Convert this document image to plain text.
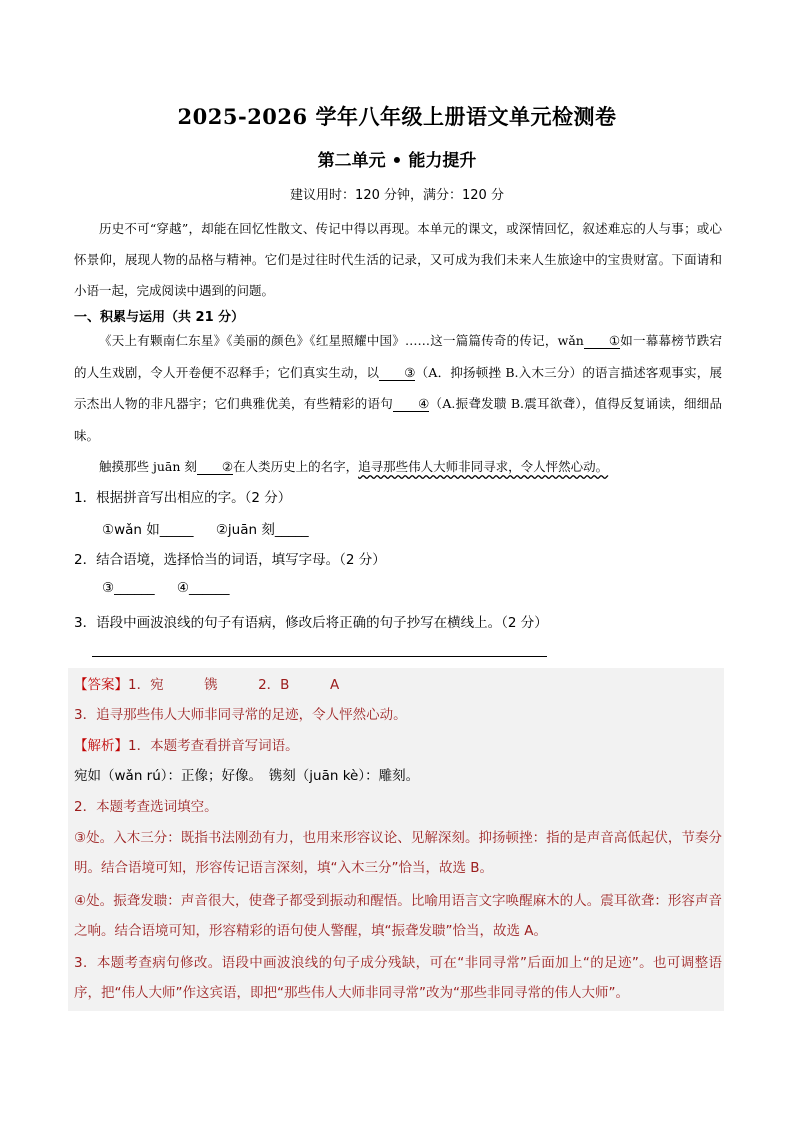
2025-2026 学年八年级上册语文单元检测卷
第二单元 • 能力提升
建议用时：120 分钟，满分：120 分
历史不可“穿越”，却能在回忆性散文、传记中得以再现。本单元的课文，或深情回忆，叙述难忘的人与事；或心怀景仰，展现人物的品格与精神。它们是过往时代生活的记录，又可成为我们未来人生旅途中的宝贵财富。下面请和小语一起，完成阅读中遇到的问题。
一、积累与运用（共 21 分）

《天上有颗南仁东星》《美丽的颜色》《红星照耀中国》……这一篇篇传奇的传记，wǎn ①如一幕幕榜节跌宕的人生戏剧，令人开卷便不忍释手；它们真实生动，以 ③（A．抑扬顿挫 B.入木三分）的语言描述客观事实，展示杰出人物的非凡器宇；它们典雅优美，有些精彩的语句 ④（A.振聋发聩 B.震耳欲聋），值得反复诵读，细细品味。

触摸那些 juān 刻 ②在人类历史上的名字，追寻那些伟人大师非同寻求，令人怦然心动。

1．根据拼音写出相应的字。（2 分）
①wǎn 如_____ ②juān 刻_____
2．结合语境，选择恰当的词语，填写字母。（2 分）
③______ ④______
3．语段中画波浪线的句子有语病，修改后将正确的句子抄写在横线上。（2 分）
【答案】1．宛　　　镌　　　2．B　　　A
3．追寻那些伟人大师非同寻常的足迹，令人怦然心动。
【解析】1．本题考查看拼音写词语。
宛如（wǎn rú）：正像；好像。　镌刻（juān kè）：雕刻。
2．本题考查选词填空。
③处。入木三分：既指书法刚劲有力，也用来形容议论、见解深刻。抑扬顿挫：指的是声音高低起伏，节奏分明。结合语境可知，形容传记语言深刻，填“入木三分”恰当，故选 B。
④处。振聋发聩：声音很大，使聋子都受到振动和醒悟。比喻用语言文字唤醒麻木的人。震耳欲聋：形容声音之响。结合语境可知，形容精彩的语句使人警醒，填“振聋发聩”恰当，故选 A。
3．本题考查病句修改。语段中画波浪线的句子成分残缺，可在“非同寻常”后面加上“的足迹”。也可调整语序，把“伟人大师”作这宾语，即把“那些伟人大师非同寻常”改为“那些非同寻常的伟人大师”。
